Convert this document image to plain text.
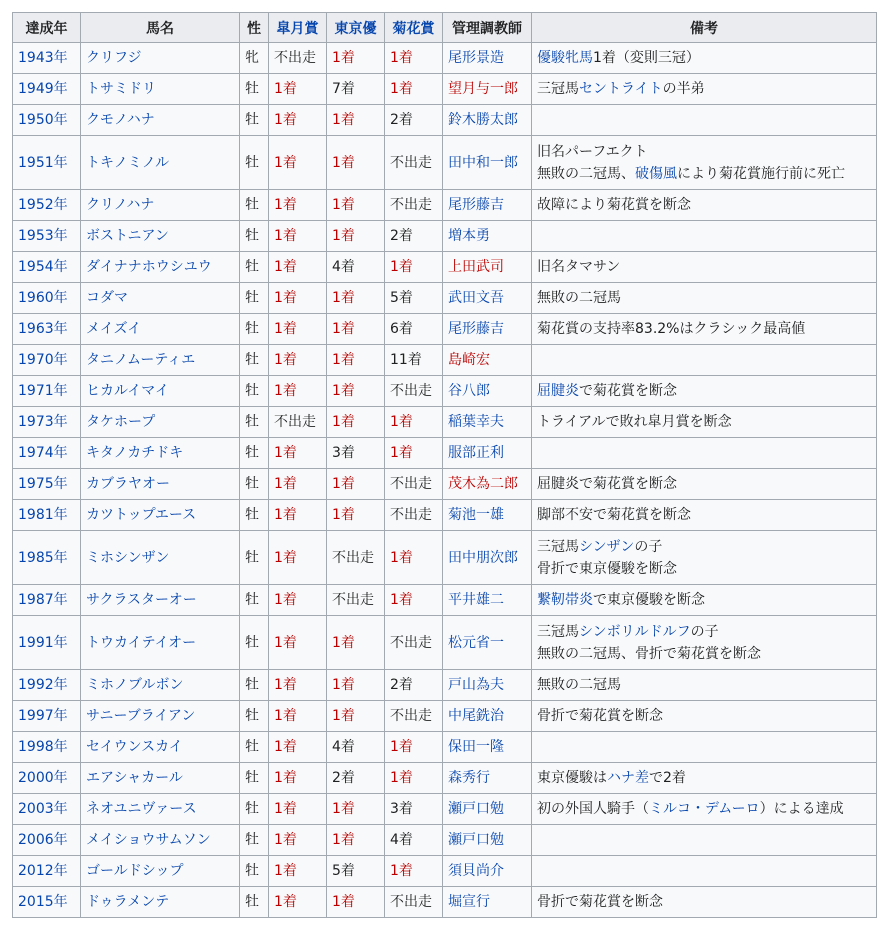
達成年	馬名	性	皐月賞	東京優	菊花賞	管理調教師	備考
1943年	クリフジ	牝	不出走	1着	1着	尾形景造	優駿牝馬1着（変則三冠）

1949年	トサミドリ	牡	1着	7着	1着	望月与一郎	三冠馬セントライトの半弟

1950年	クモノハナ	牡	1着	1着	2着	鈴木勝太郎	
1951年	トキノミノル	牡	1着	1着	不出走	田中和一郎	旧名パーフエクト
無敗の二冠馬、破傷風により菊花賞施行前に死亡

1952年	クリノハナ	牡	1着	1着	不出走	尾形藤吉	故障により菊花賞を断念

1953年	ボストニアン	牡	1着	1着	2着	増本勇	
1954年	ダイナナホウシユウ	牡	1着	4着	1着	上田武司	旧名タマサン

1960年	コダマ	牡	1着	1着	5着	武田文吾	無敗の二冠馬

1963年	メイズイ	牡	1着	1着	6着	尾形藤吉	菊花賞の支持率83.2%はクラシック最高値

1970年	タニノムーティエ	牡	1着	1着	11着	島崎宏	
1971年	ヒカルイマイ	牡	1着	1着	不出走	谷八郎	屈腱炎で菊花賞を断念

1973年	タケホープ	牡	不出走	1着	1着	稲葉幸夫	トライアルで敗れ皐月賞を断念

1974年	キタノカチドキ	牡	1着	3着	1着	服部正利	
1975年	カブラヤオー	牡	1着	1着	不出走	茂木為二郎	屈腱炎で菊花賞を断念

1981年	カツトップエース	牡	1着	1着	不出走	菊池一雄	脚部不安で菊花賞を断念

1985年	ミホシンザン	牡	1着	不出走	1着	田中朋次郎	三冠馬シンザンの子
骨折で東京優駿を断念

1987年	サクラスターオー	牡	1着	不出走	1着	平井雄二	繋靭帯炎で東京優駿を断念

1991年	トウカイテイオー	牡	1着	1着	不出走	松元省一	三冠馬シンボリルドルフの子
無敗の二冠馬、骨折で菊花賞を断念

1992年	ミホノブルボン	牡	1着	1着	2着	戸山為夫	無敗の二冠馬

1997年	サニーブライアン	牡	1着	1着	不出走	中尾銑治	骨折で菊花賞を断念

1998年	セイウンスカイ	牡	1着	4着	1着	保田一隆	
2000年	エアシャカール	牡	1着	2着	1着	森秀行	東京優駿はハナ差で2着

2003年	ネオユニヴァース	牡	1着	1着	3着	瀬戸口勉	初の外国人騎手（ミルコ・デムーロ）による達成

2006年	メイショウサムソン	牡	1着	1着	4着	瀬戸口勉	
2012年	ゴールドシップ	牡	1着	5着	1着	須貝尚介	
2015年	ドゥラメンテ	牡	1着	1着	不出走	堀宣行	骨折で菊花賞を断念
